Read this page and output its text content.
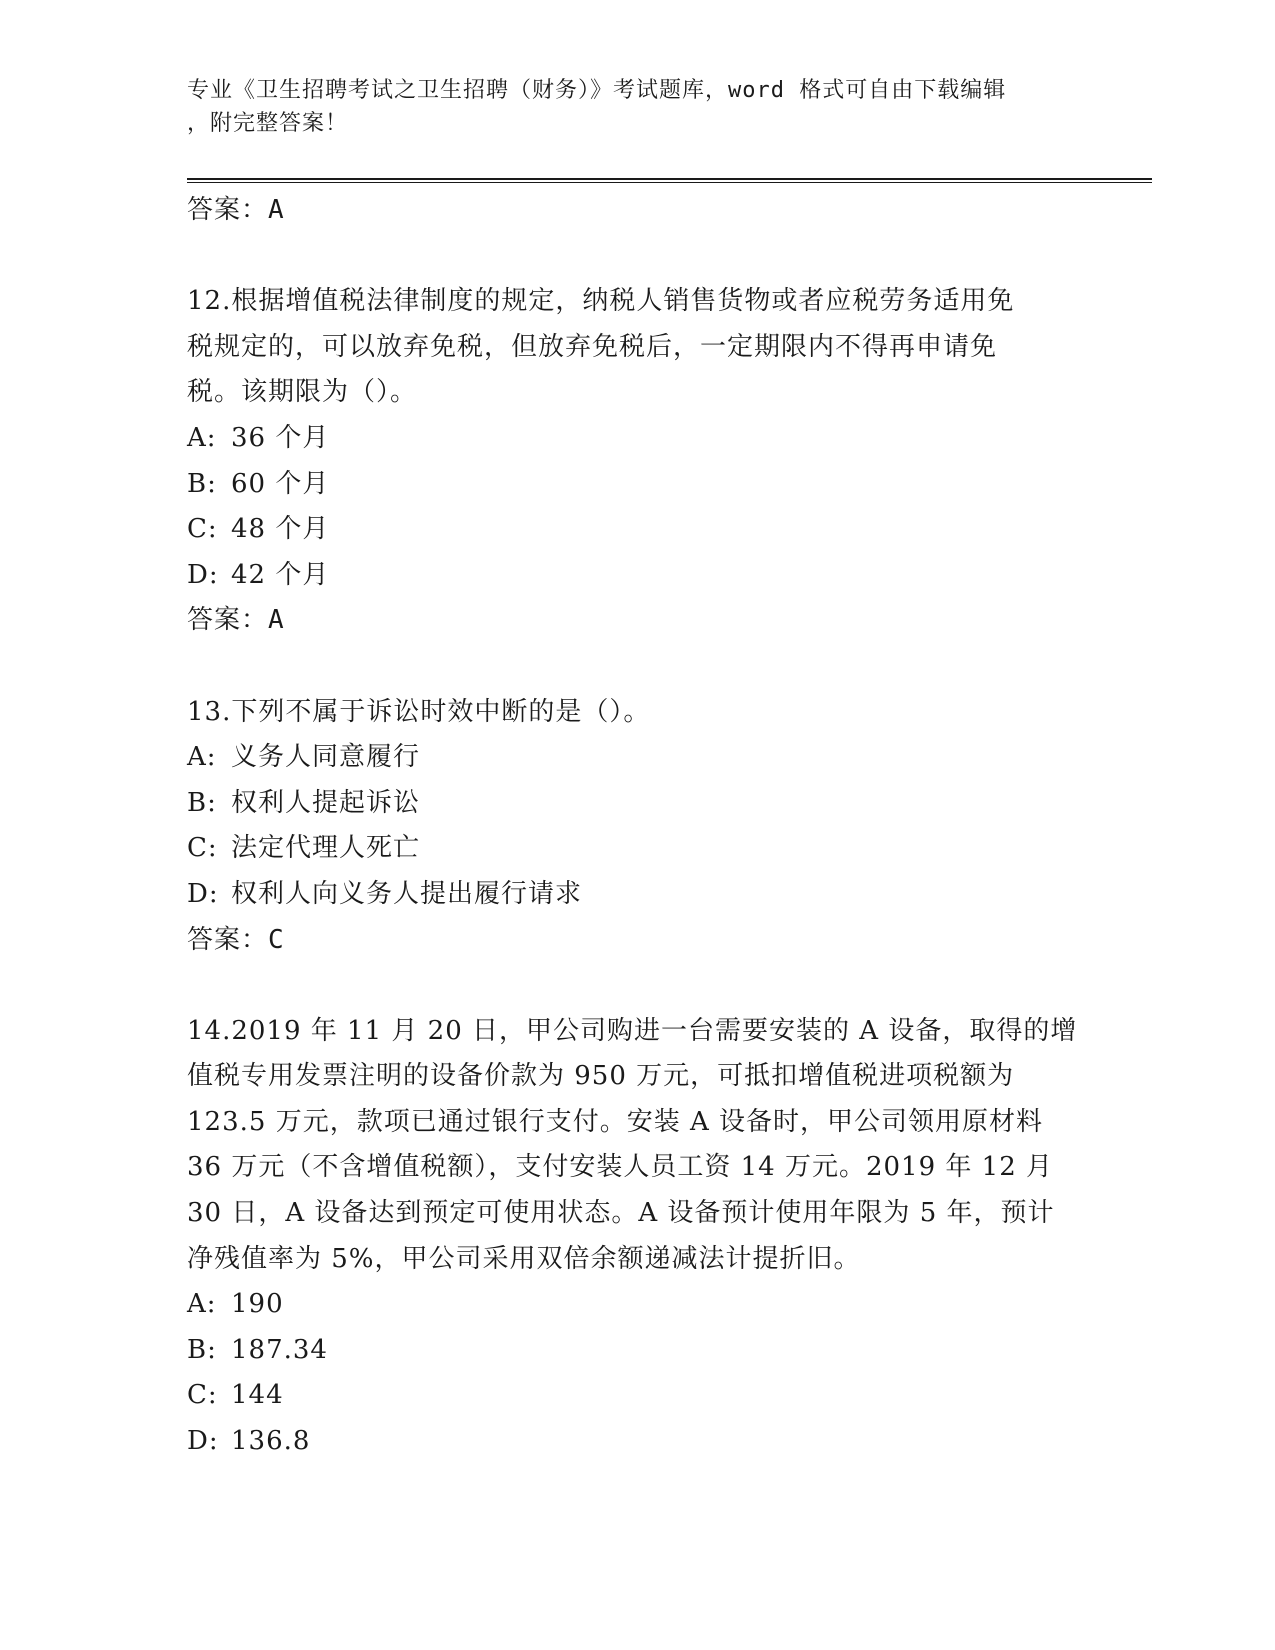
专业《卫生招聘考试之卫生招聘（财务）》考试题库，word 格式可自由下载编辑
，附完整答案！
答案：A
12.根据增值税法律制度的规定，纳税人销售货物或者应税劳务适用免
税规定的，可以放弃免税，但放弃免税后，一定期限内不得再申请免
税。该期限为（）。
A: 36 个月
B: 60 个月
C: 48 个月
D: 42 个月
答案：A
13.下列不属于诉讼时效中断的是（）。
A: 义务人同意履行
B: 权利人提起诉讼
C: 法定代理人死亡
D: 权利人向义务人提出履行请求
答案：C
14.2019 年 11 月 20 日，甲公司购进一台需要安装的 A 设备，取得的增
值税专用发票注明的设备价款为 950 万元，可抵扣增值税进项税额为
123.5 万元，款项已通过银行支付。安装 A 设备时，甲公司领用原材料
36 万元（不含增值税额），支付安装人员工资 14 万元。2019 年 12 月
30 日，A 设备达到预定可使用状态。A 设备预计使用年限为 5 年，预计
净残值率为 5%，甲公司采用双倍余额递减法计提折旧。
A: 190
B: 187.34
C: 144
D: 136.8
